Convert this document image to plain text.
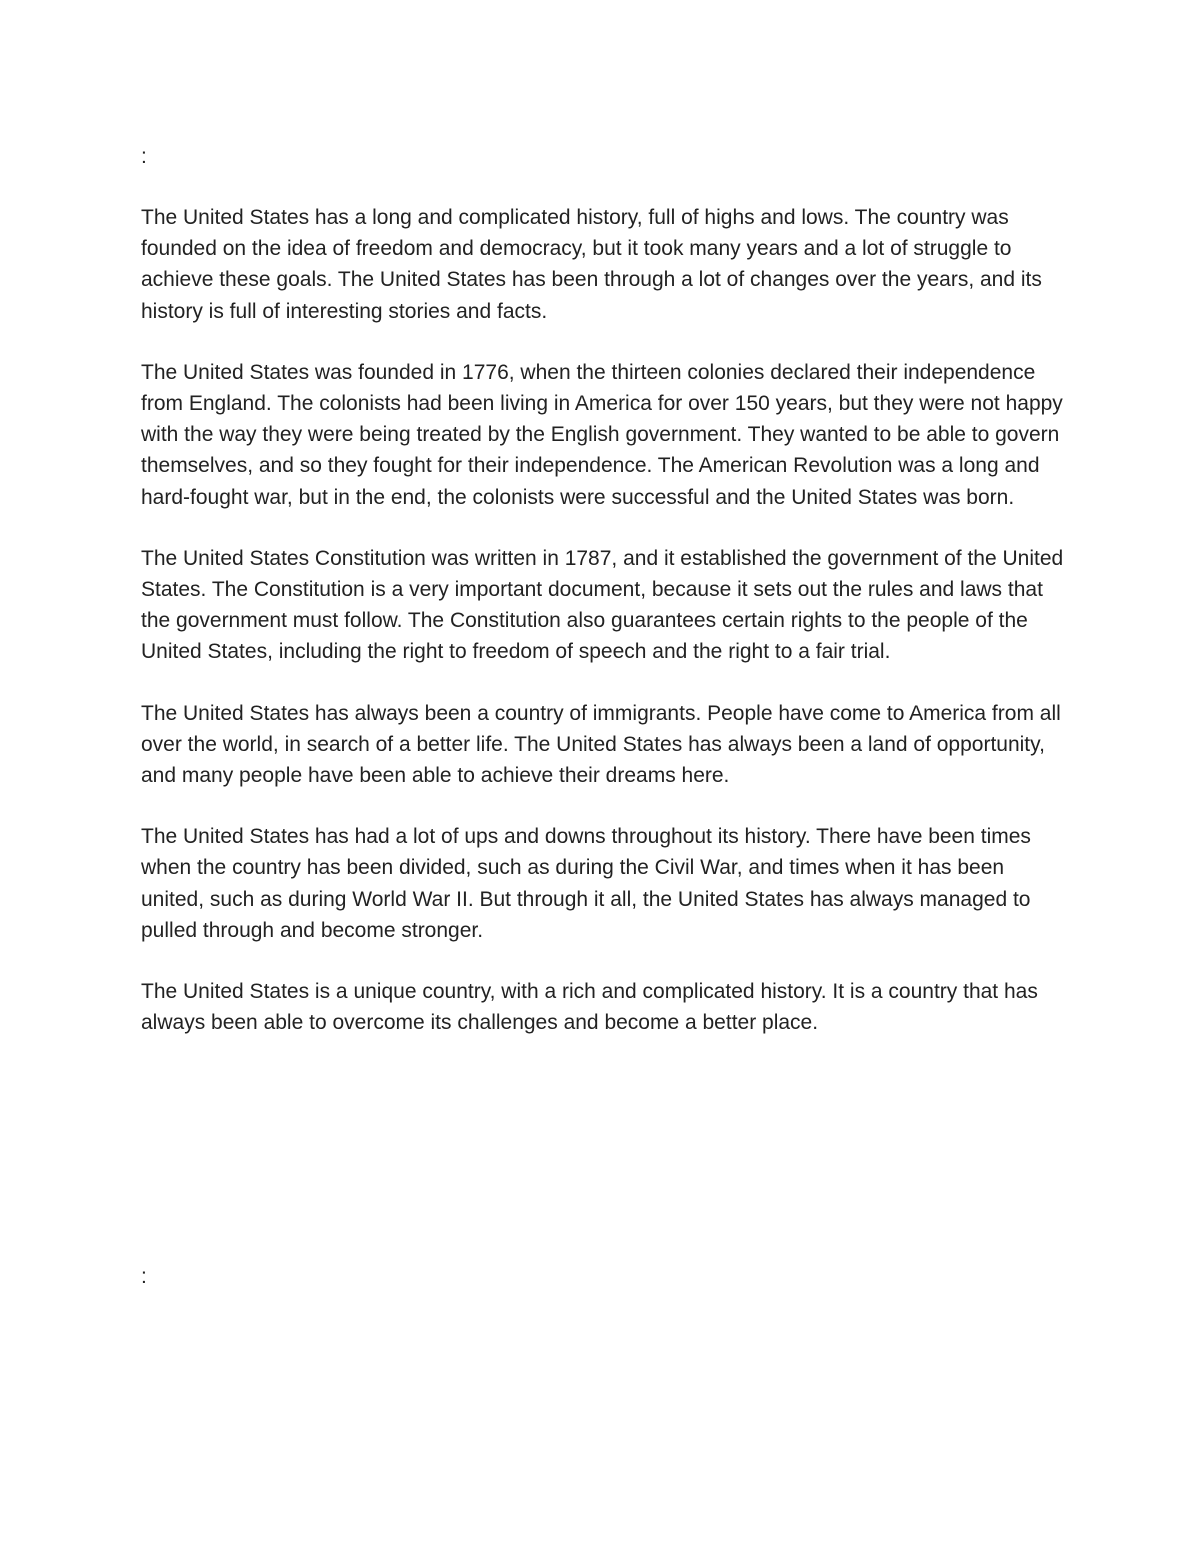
:

The United States has a long and complicated history, full of highs and lows. The country was founded on the idea of freedom and democracy, but it took many years and a lot of struggle to achieve these goals. The United States has been through a lot of changes over the years, and its history is full of interesting stories and facts.

The United States was founded in 1776, when the thirteen colonies declared their independence from England. The colonists had been living in America for over 150 years, but they were not happy with the way they were being treated by the English government. They wanted to be able to govern themselves, and so they fought for their independence. The American Revolution was a long and hard-fought war, but in the end, the colonists were successful and the United States was born.

The United States Constitution was written in 1787, and it established the government of the United States. The Constitution is a very important document, because it sets out the rules and laws that the government must follow. The Constitution also guarantees certain rights to the people of the United States, including the right to freedom of speech and the right to a fair trial.

The United States has always been a country of immigrants. People have come to America from all over the world, in search of a better life. The United States has always been a land of opportunity, and many people have been able to achieve their dreams here.

The United States has had a lot of ups and downs throughout its history. There have been times when the country has been divided, such as during the Civil War, and times when it has been united, such as during World War II. But through it all, the United States has always managed to pulled through and become stronger.

The United States is a unique country, with a rich and complicated history. It is a country that has always been able to overcome its challenges and become a better place.

:
